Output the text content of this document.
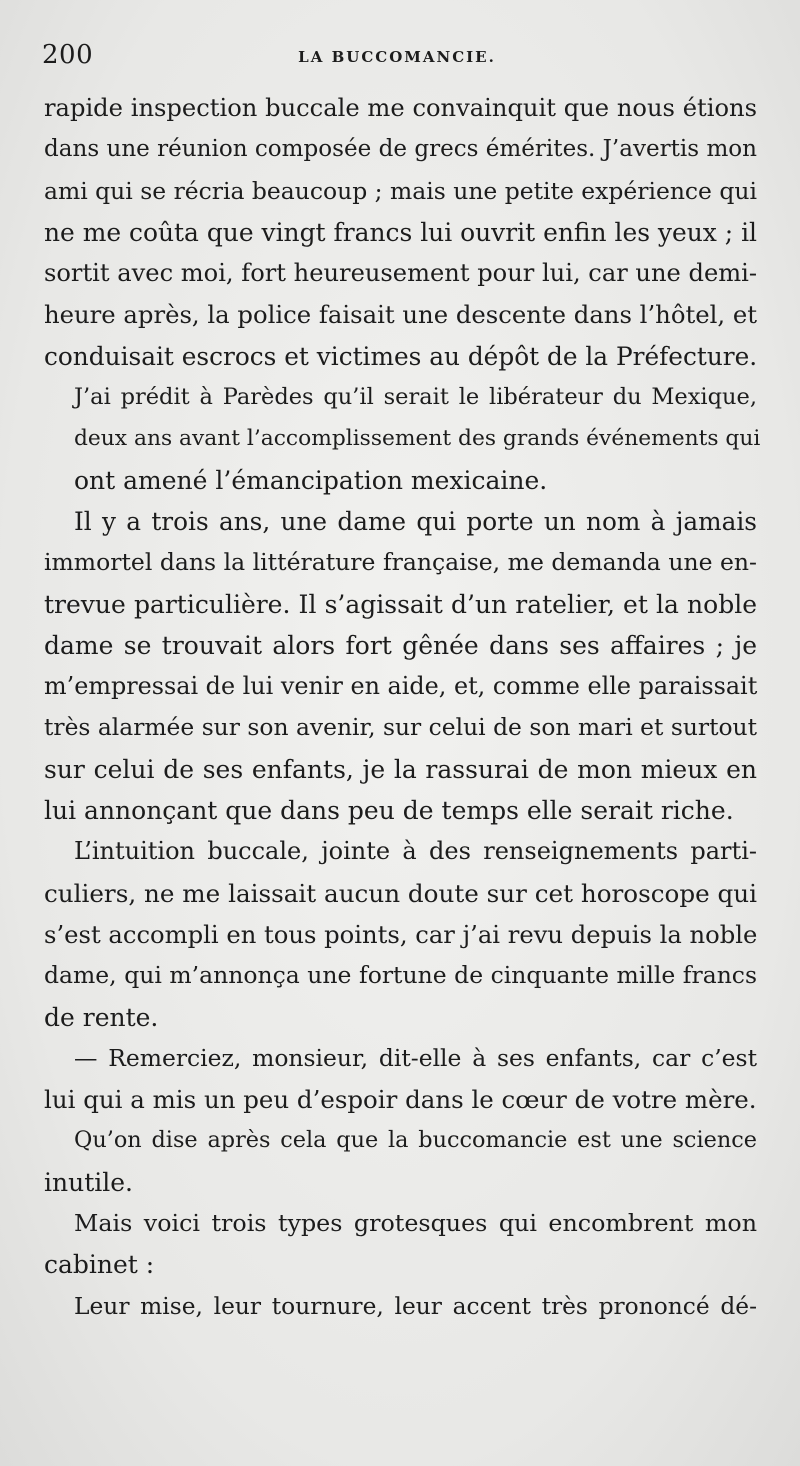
200	LA BUCCOMANCIE.
rapide inspection buccale me convainquit que nous étions
dans une réunion composée de grecs émérites. J’avertis mon
ami qui se récria beaucoup ; mais une petite expérience qui
ne me coûta que vingt francs lui ouvrit enfin les yeux ; il
sortit avec moi, fort heureusement pour lui, car une demi-
heure après, la police faisait une descente dans l’hôtel, et
conduisait escrocs et victimes au dépôt de la Préfecture.
J’ai prédit à Parèdes qu’il serait le libérateur du Mexique,
deux ans avant l’accomplissement des grands événements qui
ont amené l’émancipation mexicaine.
Il y a trois ans, une dame qui porte un nom à jamais
immortel dans la littérature française, me demanda une en-
trevue particulière. Il s’agissait d’un ratelier, et la noble
dame se trouvait alors fort gênée dans ses affaires ; je
m’empressai de lui venir en aide, et, comme elle paraissait
très alarmée sur son avenir, sur celui de son mari et surtout
sur celui de ses enfants, je la rassurai de mon mieux en
lui annonçant que dans peu de temps elle serait riche.
L’intuition buccale, jointe à des renseignements parti-
culiers, ne me laissait aucun doute sur cet horoscope qui
s’est accompli en tous points, car j’ai revu depuis la noble
dame, qui m’annonça une fortune de cinquante mille francs
de rente.
— Remerciez, monsieur, dit-elle à ses enfants, car c’est
lui qui a mis un peu d’espoir dans le cœur de votre mère.
Qu’on dise après cela que la buccomancie est une science
inutile.
Mais voici trois types grotesques qui encombrent mon
cabinet :
Leur mise, leur tournure, leur accent très prononcé dé-
